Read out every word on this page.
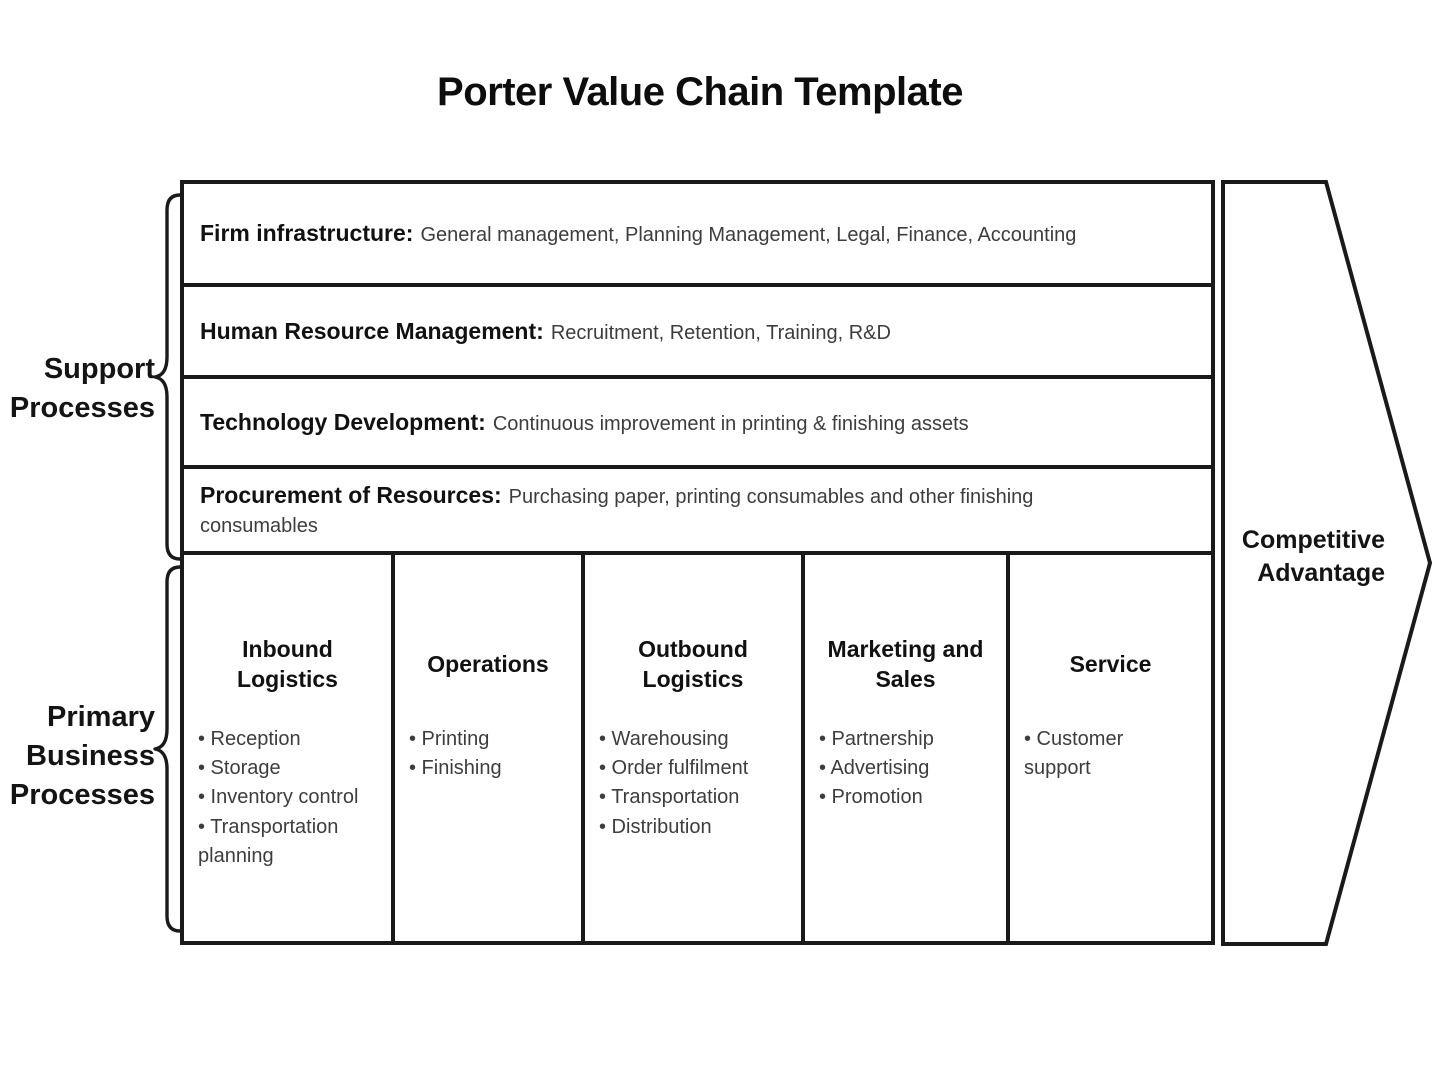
Porter Value Chain Template
Support
Processes
Primary
Business
Processes
Firm infrastructure: General management, Planning Management, Legal, Finance, Accounting
Human Resource Management: Recruitment, Retention, Training, R&D
Technology Development: Continuous improvement in printing & finishing assets
Procurement of Resources: Purchasing paper, printing consumables and other finishing consumables
Inbound Logistics
• Reception
• Storage
• Inventory control
• Transportation planning
Operations
• Printing
• Finishing
Outbound Logistics
• Warehousing
• Order fulfilment
• Transportation
• Distribution
Marketing and Sales
• Partnership
• Advertising
• Promotion
Service
• Customer support
Competitive
Advantage
